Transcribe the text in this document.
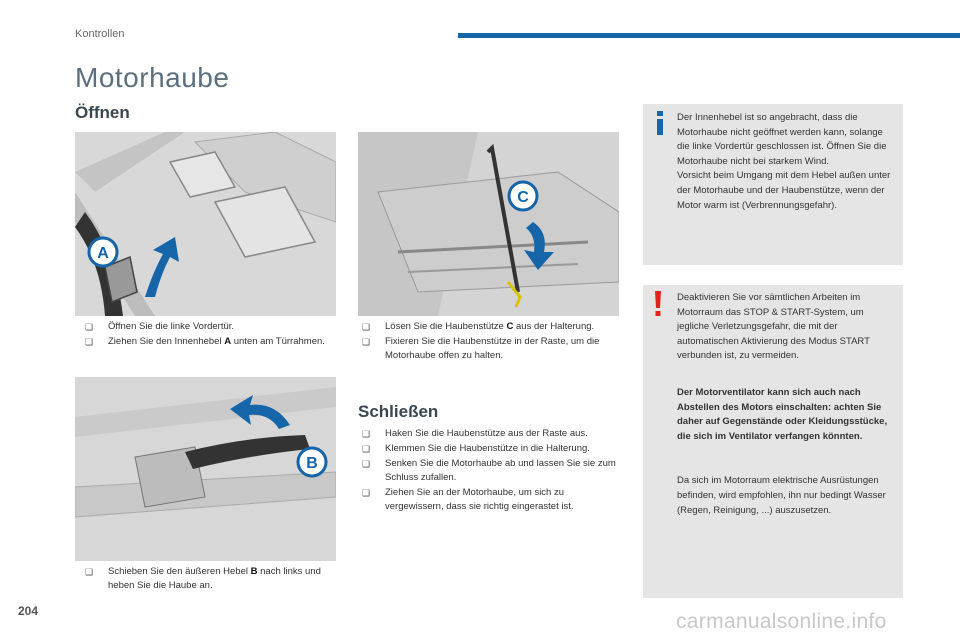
Kontrollen
Motorhaube
Öffnen
A
C
B
❑ Öffnen Sie die linke Vordertür.
❑ Ziehen Sie den Innenhebel A unten am Türrahmen.
❑ Lösen Sie die Haubenstütze C aus der Halterung.
❑ Fixieren Sie die Haubenstütze in der Raste, um die Motorhaube offen zu halten.
❑ Schieben Sie den äußeren Hebel B nach links und heben Sie die Haube an.
Schließen
❑ Haken Sie die Haubenstütze aus der Raste aus.
❑ Klemmen Sie die Haubenstütze in die Halterung.
❑ Senken Sie die Motorhaube ab und lassen Sie sie zum Schluss zufallen.
❑ Ziehen Sie an der Motorhaube, um sich zu vergewissern, dass sie richtig eingerastet ist.

Der Innenhebel ist so angebracht, dass die Motorhaube nicht geöffnet werden kann, solange die linke Vordertür geschlossen ist. Öffnen Sie die Motorhaube nicht bei starkem Wind.

Vorsicht beim Umgang mit dem Hebel außen unter der Motorhaube und der Haubenstütze, wenn der Motor warm ist (Verbrennungsgefahr).

Deaktivieren Sie vor sämtlichen Arbeiten im Motorraum das STOP & START-System, um jegliche Verletzungsgefahr, die mit der automatischen Aktivierung des Modus START verbunden ist, zu vermeiden.

Der Motorventilator kann sich auch nach Abstellen des Motors einschalten: achten Sie daher auf Gegenstände oder Kleidungsstücke, die sich im Ventilator verfangen könnten.

Da sich im Motorraum elektrische Ausrüstungen befinden, wird empfohlen, ihn nur bedingt Wasser (Regen, Reinigung, ...) auszusetzen.

204	carmanualsonline.info
